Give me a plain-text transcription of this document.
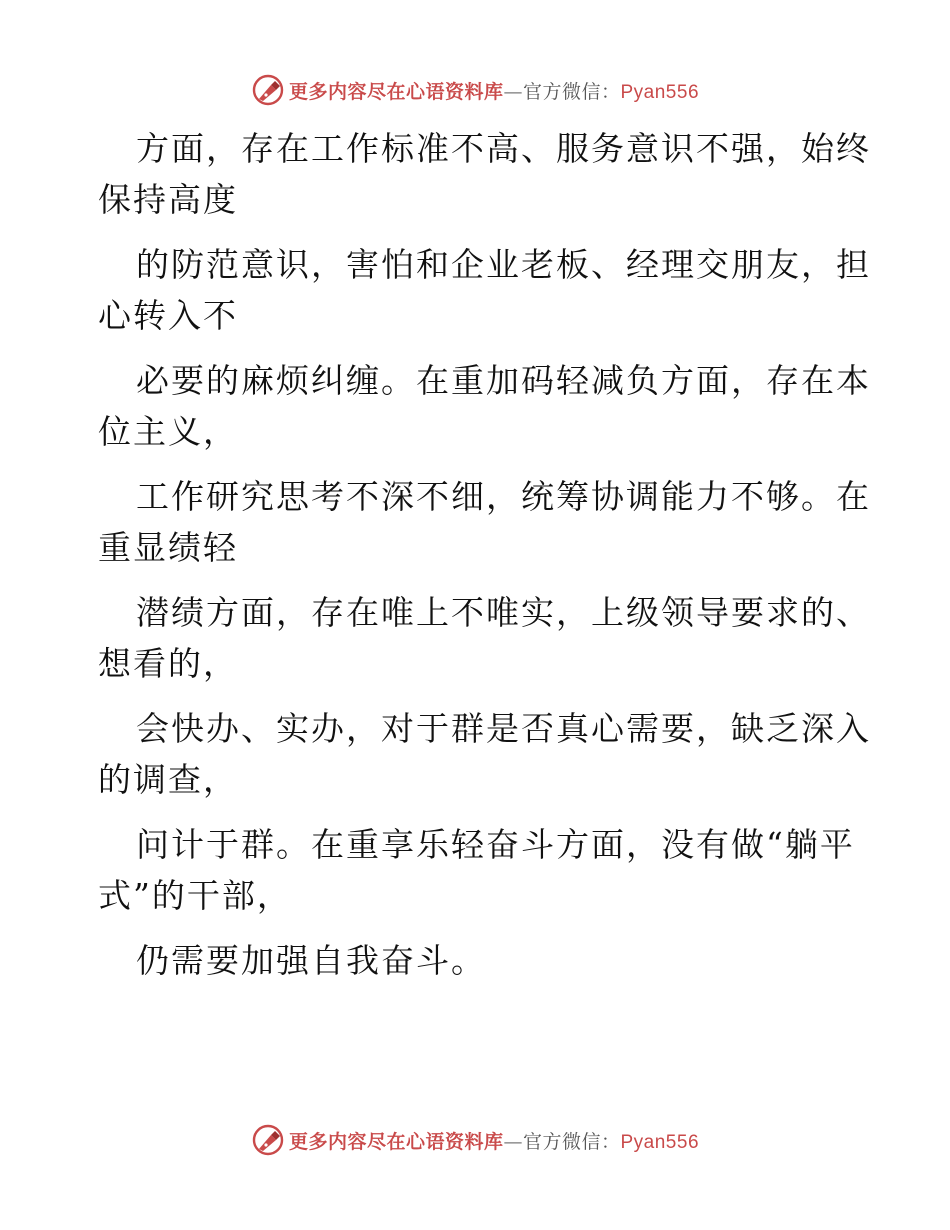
更多内容尽在心语资料库—官方微信：Pyan556

方面，存在工作标准不高、服务意识不强，始终
保持高度

的防范意识，害怕和企业老板、经理交朋友，担
心转入不

必要的麻烦纠缠。在重加码轻减负方面，存在本
位主义，

工作研究思考不深不细，统筹协调能力不够。在
重显绩轻

潜绩方面，存在唯上不唯实，上级领导要求的、
想看的，

会快办、实办，对于群是否真心需要，缺乏深入
的调查，

问计于群。在重享乐轻奋斗方面，没有做“躺平
式”的干部，

仍需要加强自我奋斗。

更多内容尽在心语资料库—官方微信：Pyan556
